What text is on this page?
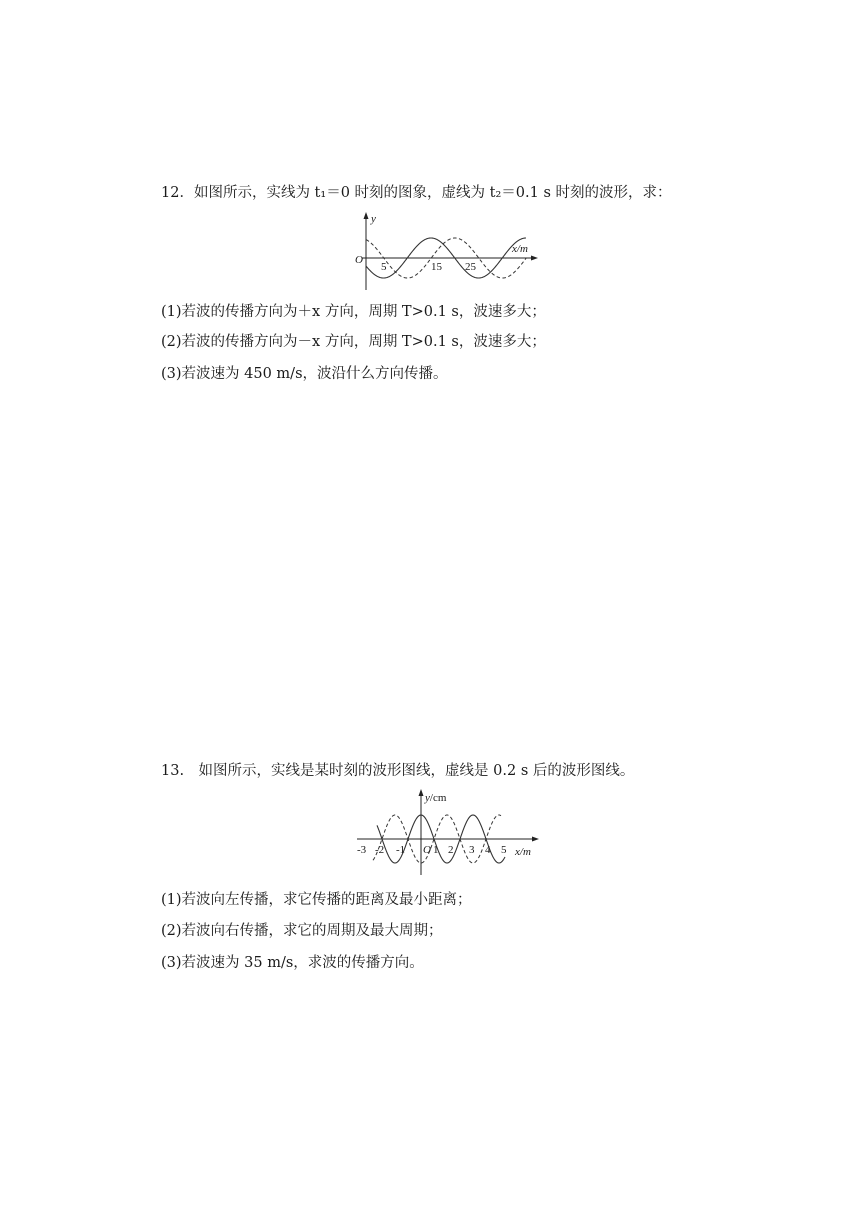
12．如图所示，实线为 t₁＝0 时刻的图象，虚线为 t₂＝0.1 s 时刻的波形，求：
y
x/m
O
5	15 25
(1)若波的传播方向为＋x 方向，周期 T>0.1 s，波速多大；
(2)若波的传播方向为－x 方向，周期 T>0.1 s，波速多大；
(3)若波速为 450 m/s，波沿什么方向传播。
13.　如图所示，实线是某时刻的波形图线，虚线是 0.2 s 后的波形图线。
y/cm
x/m
O
-3 -2 -1	1 2 3 4 5
(1)若波向左传播，求它传播的距离及最小距离；
(2)若波向右传播，求它的周期及最大周期；
(3)若波速为 35 m/s，求波的传播方向。
